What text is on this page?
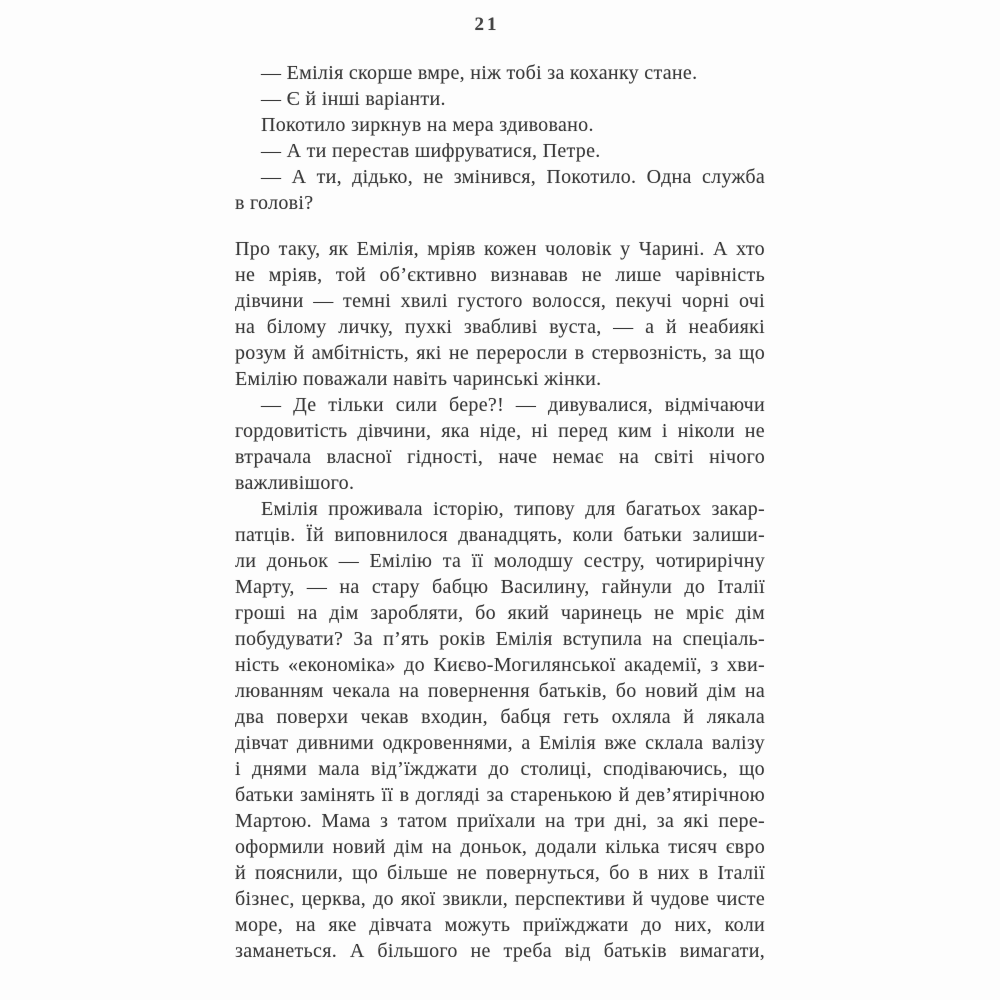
21
— Емілія скорше вмре, ніж тобі за коханку стане.
— Є й інші варіанти.
Покотило зиркнув на мера здивовано.
— А ти перестав шифруватися, Петре.
— А ти, дідько, не змінився, Покотило. Одна служба
в голові?
Про таку, як Емілія, мріяв кожен чоловік у Чарині. А хто
не мріяв, той об’єктивно визнавав не лише чарівність
дівчини — темні хвилі густого волосся, пекучі чорні очі
на білому личку, пухкі звабливі вуста, — а й неабиякі
розум й амбітність, які не переросли в стервозність, за що
Емілію поважали навіть чаринські жінки.
— Де тільки сили бере?! — дивувалися, відмічаючи
гордовитість дівчини, яка ніде, ні перед ким і ніколи не
втрачала власної гідності, наче немає на світі нічого
важливішого.
Емілія проживала історію, типову для багатьох закар-
патців. Їй виповнилося дванадцять, коли батьки залиши-
ли доньок — Емілію та її молодшу сестру, чотирирічну
Марту, — на стару бабцю Василину, гайнули до Італії
гроші на дім заробляти, бо який чаринець не мріє дім
побудувати? За п’ять років Емілія вступила на спеціаль-
ність «економіка» до Києво-Могилянської академії, з хви-
люванням чекала на повернення батьків, бо новий дім на
два поверхи чекав входин, бабця геть охляла й лякала
дівчат дивними одкровеннями, а Емілія вже склала валізу
і днями мала від’їжджати до столиці, сподіваючись, що
батьки замінять її в догляді за старенькою й дев’ятирічною
Мартою. Мама з татом приїхали на три дні, за які пере-
оформили новий дім на доньок, додали кілька тисяч євро
й пояснили, що більше не повернуться, бо в них в Італії
бізнес, церква, до якої звикли, перспективи й чудове чисте
море, на яке дівчата можуть приїжджати до них, коли
заманеться. А більшого не треба від батьків вимагати,
